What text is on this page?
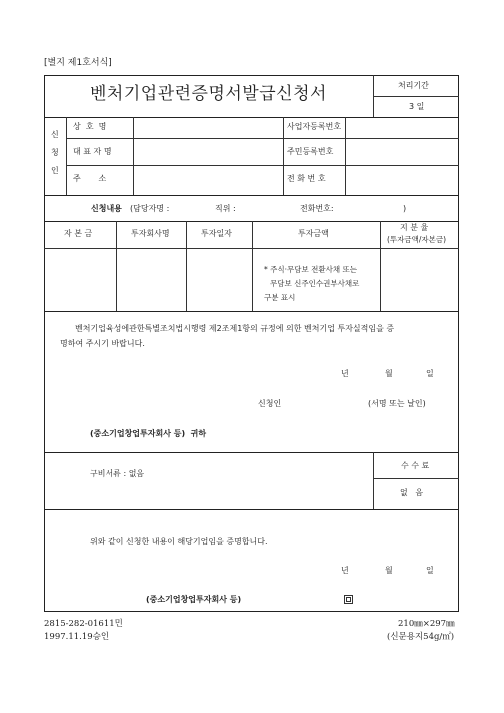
[별지 제1호서식]
벤처기업관련증명서발급신청서	처리기간
3 일
신
청
인
상  호  명	사업자등록번호
대 표 자 명	주민등록번호
주       소	전 화 번 호
신청내용 (담당자명 :	직위 :	전화번호:	)
자 본 금	투자회사명	투자일자	투자금액
지 분 율
(투자금액/자본금)
* 주식·무담보 전환사채 또는
무담보 신주인수권부사채로
구분 표시
벤처기업육성에관한특별조치법시행령 제2조제1항의 규정에 의한 벤처기업 투자실적임을 증
명하여 주시기 바랍니다.
년	월	일
신청인	(서명 또는 날인)
(중소기업창업투자회사 등)  귀하
구비서류 : 없음
수 수 료
없   음
위와 같이 신청한 내용이 해당기업임을 증명합니다.
년	월	일
(중소기업창업투자회사 등)
2815-282-01611민
1997.11.19승인
210㎜×297㎜
(신문용지54g/㎡)
